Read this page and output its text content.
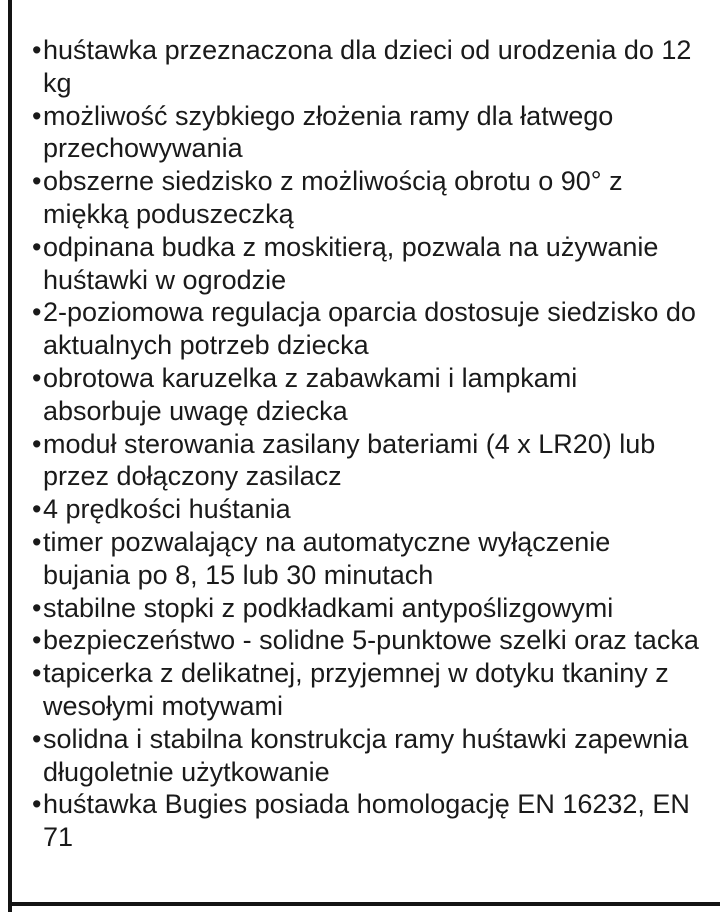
• huśtawka przeznaczona dla dzieci od urodzenia do 12 kg
• możliwość szybkiego złożenia ramy dla łatwego przechowywania
• obszerne siedzisko z możliwością obrotu o 90° z miękką poduszeczką
• odpinana budka z moskitierą, pozwala na używanie huśtawki w ogrodzie
• 2-poziomowa regulacja oparcia dostosuje siedzisko do aktualnych potrzeb dziecka
• obrotowa karuzelka z zabawkami i lampkami absorbuje uwagę dziecka
• moduł sterowania zasilany bateriami (4 x LR20) lub przez dołączony zasilacz
• 4 prędkości huśtania
• timer pozwalający na automatyczne wyłączenie bujania po 8, 15 lub 30 minutach
• stabilne stopki z podkładkami antypoślizgowymi
• bezpieczeństwo - solidne 5-punktowe szelki oraz tacka
• tapicerka z delikatnej, przyjemnej w dotyku tkaniny z wesołymi motywami
• solidna i stabilna konstrukcja ramy huśtawki zapewnia długoletnie użytkowanie
• huśtawka Bugies posiada homologację EN 16232, EN 71
